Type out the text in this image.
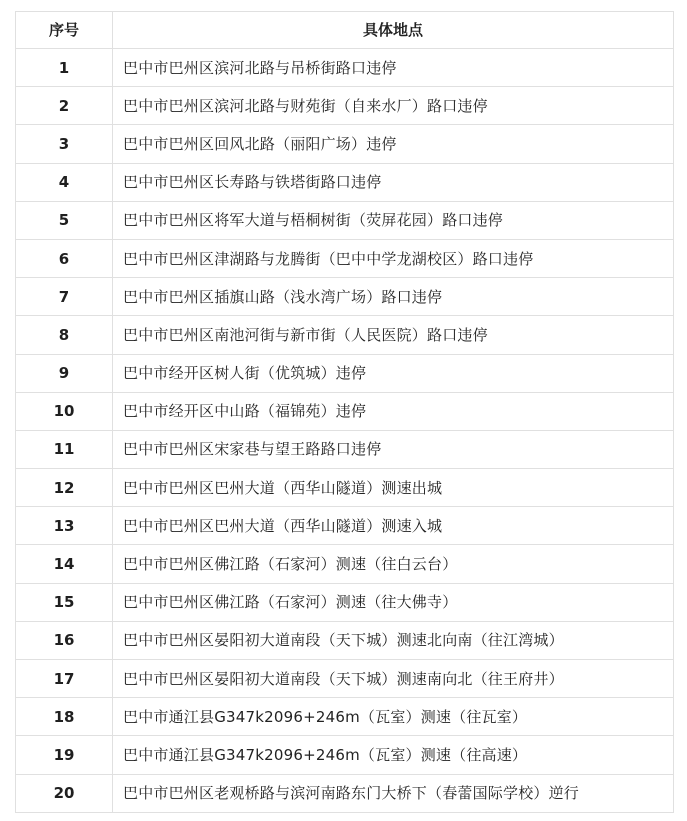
序号	具体地点
1	巴中市巴州区滨河北路与吊桥街路口违停
2	巴中市巴州区滨河北路与财苑街（自来水厂）路口违停
3	巴中市巴州区回风北路（丽阳广场）违停
4	巴中市巴州区长寿路与铁塔街路口违停
5	巴中市巴州区将军大道与梧桐树街（荧屏花园）路口违停
6	巴中市巴州区津湖路与龙腾街（巴中中学龙湖校区）路口违停
7	巴中市巴州区插旗山路（浅水湾广场）路口违停
8	巴中市巴州区南池河街与新市街（人民医院）路口违停
9	巴中市经开区树人街（优筑城）违停
10	巴中市经开区中山路（福锦苑）违停
11	巴中市巴州区宋家巷与望王路路口违停
12	巴中市巴州区巴州大道（西华山隧道）测速出城
13	巴中市巴州区巴州大道（西华山隧道）测速入城
14	巴中市巴州区佛江路（石家河）测速（往白云台）
15	巴中市巴州区佛江路（石家河）测速（往大佛寺）
16	巴中市巴州区晏阳初大道南段（天下城）测速北向南（往江湾城）
17	巴中市巴州区晏阳初大道南段（天下城）测速南向北（往王府井）
18	巴中市通江县G347k2096+246m（瓦室）测速（往瓦室）
19	巴中市通江县G347k2096+246m（瓦室）测速（往高速）
20	巴中市巴州区老观桥路与滨河南路东门大桥下（春蕾国际学校）逆行
